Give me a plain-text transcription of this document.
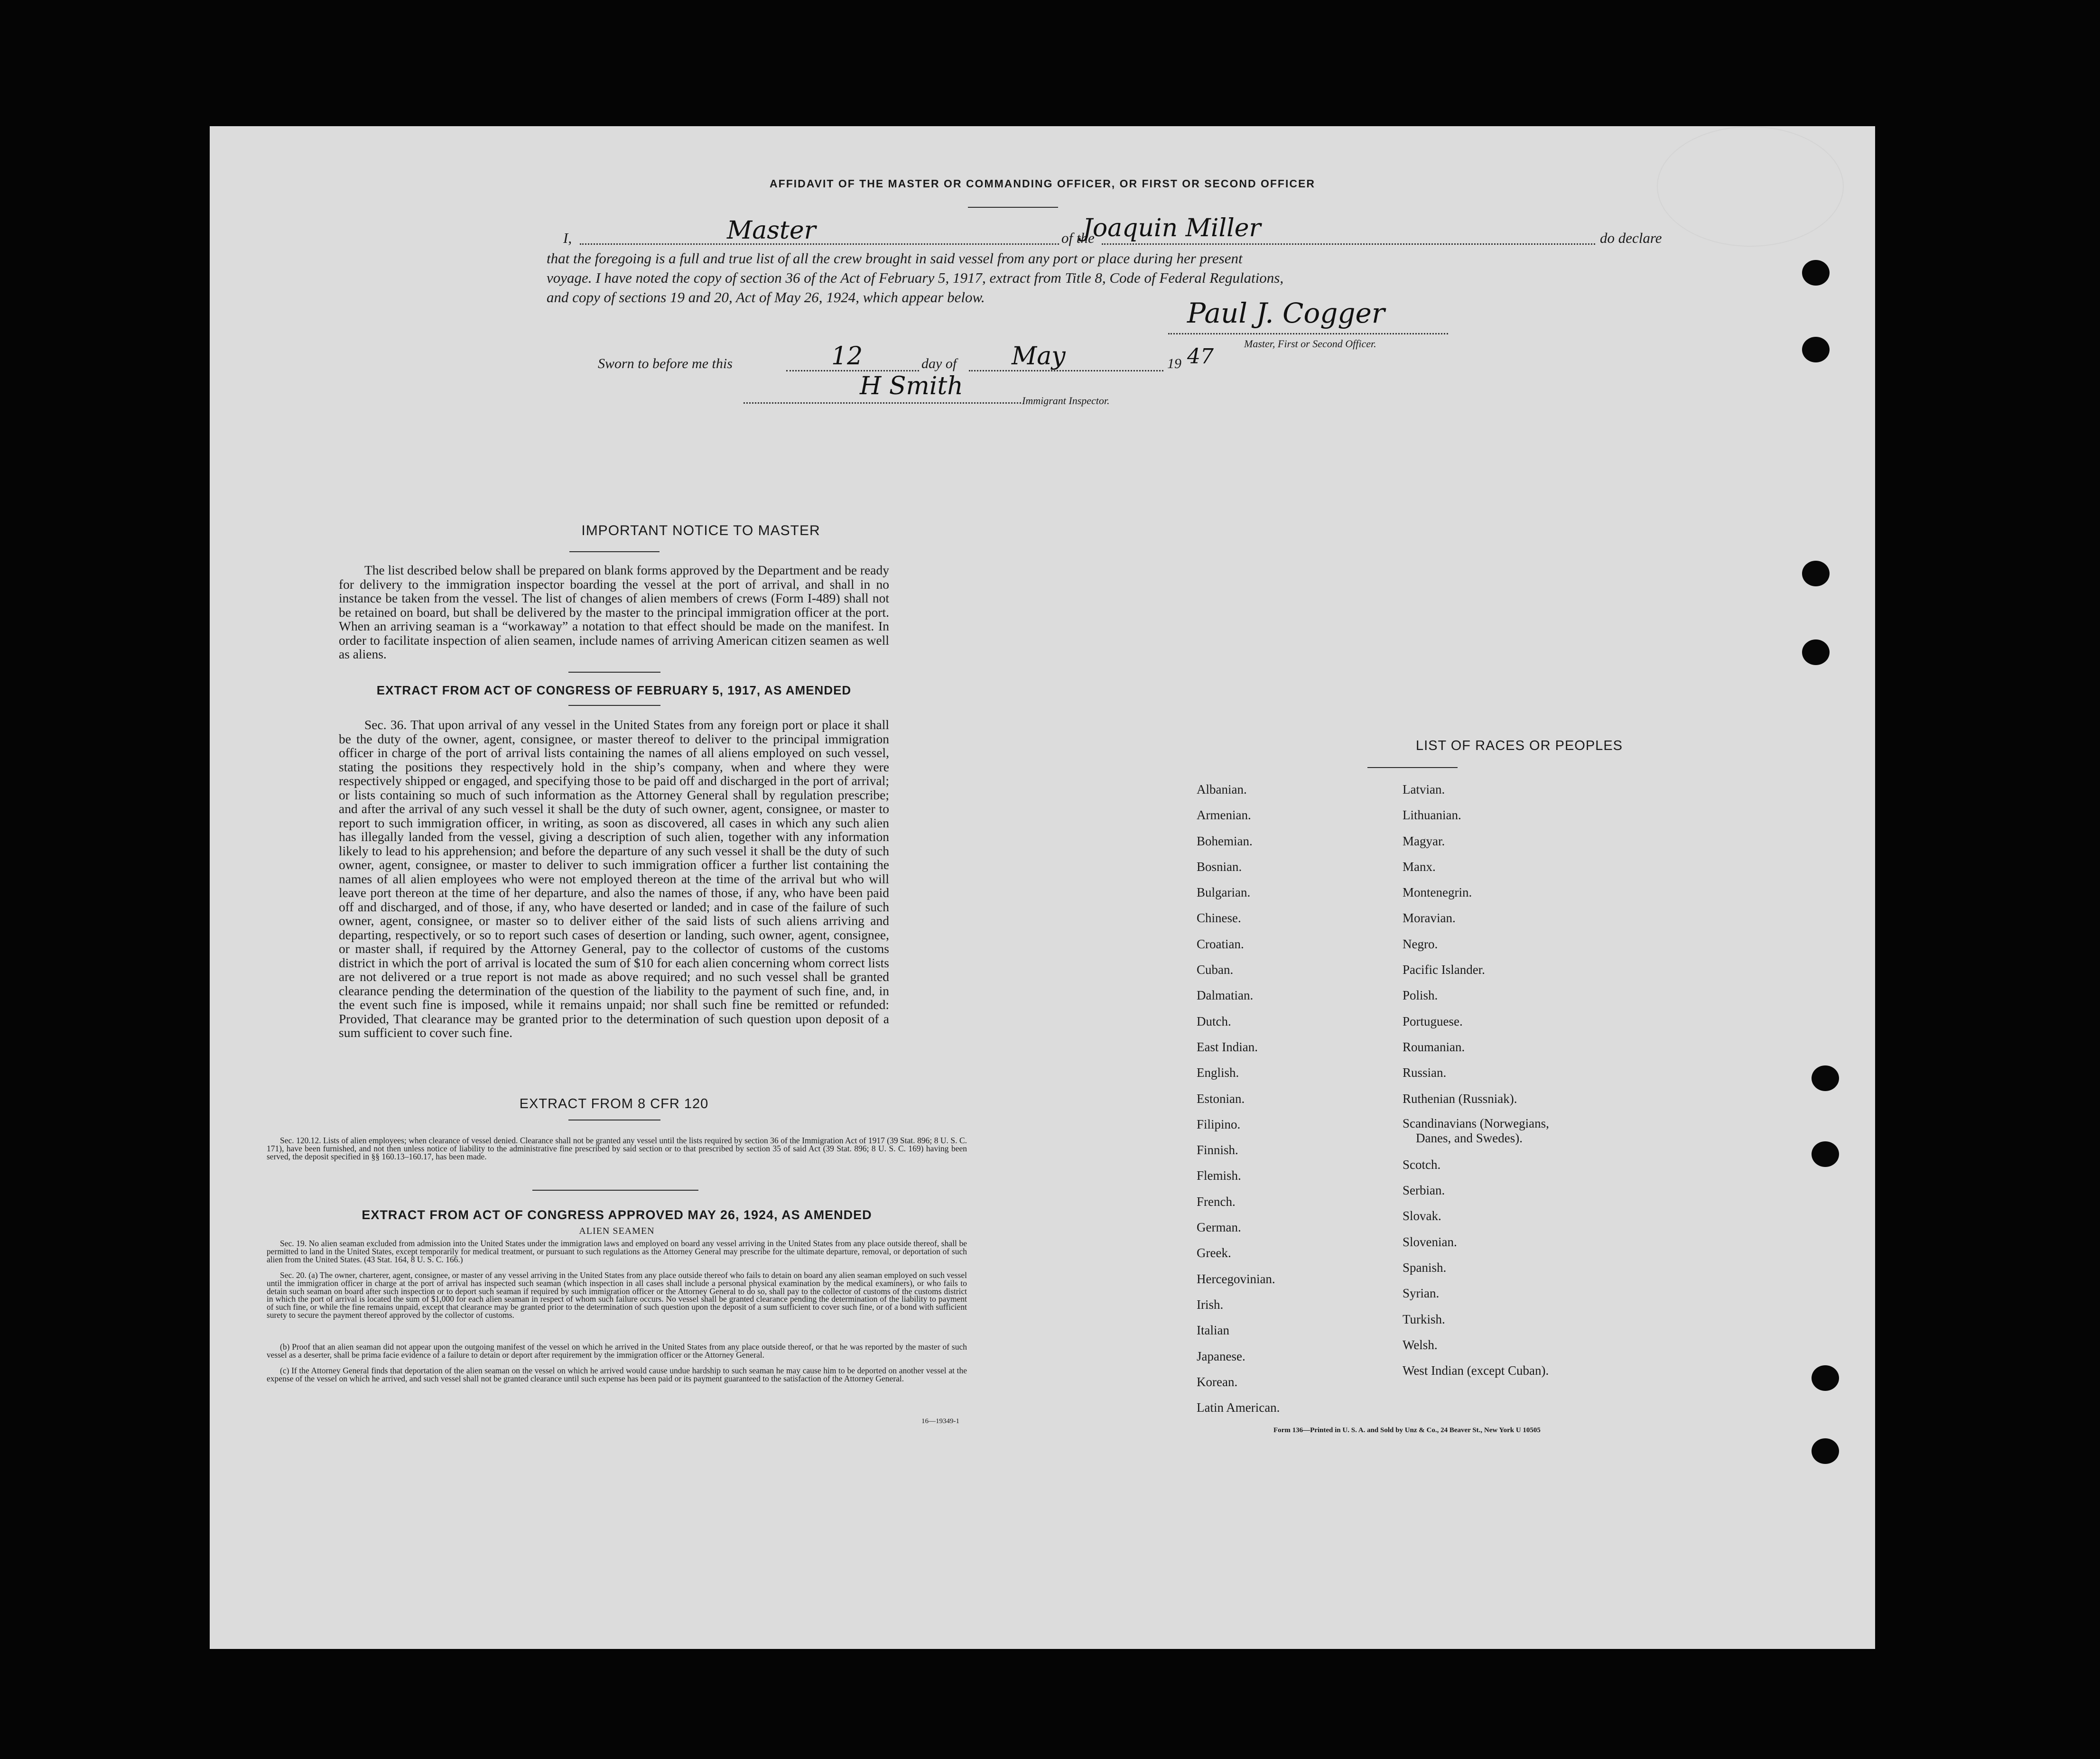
AFFIDAVIT OF THE MASTER OR COMMANDING OFFICER, OR FIRST OR SECOND OFFICER
I,	Master	of the
Joaquin Miller	do declare
that the foregoing is a full and true list of all the crew brought in said vessel from any port or place during her present
voyage. I have noted the copy of section 36 of the Act of February 5, 1917, extract from Title 8, Code of Federal Regulations,
and copy of sections 19 and 20, Act of May 26, 1924, which appear below.	Paul J. Cogger
Master, First or Second Officer.
Sworn to before me this	12	day of May	19 47
H Smith
Immigrant Inspector.
IMPORTANT NOTICE TO MASTER
The list described below shall be prepared on blank forms approved by the Department and be ready for delivery to the immigration inspector boarding the vessel at the port of arrival, and shall in no instance be taken from the vessel. The list of changes of alien members of crews (Form I-489) shall not be retained on board, but shall be delivered by the master to the principal immigration officer at the port. When an arriving seaman is a “workaway” a notation to that effect should be made on the manifest. In order to facilitate inspection of alien seamen, include names of arriving American citizen seamen as well as aliens.
EXTRACT FROM ACT OF CONGRESS OF FEBRUARY 5, 1917, AS AMENDED
Sec. 36. That upon arrival of any vessel in the United States from any foreign port or place it shall be the duty of the owner, agent, consignee, or master thereof to deliver to the principal immigration officer in charge of the port of arrival lists containing the names of all aliens employed on such vessel, stating the positions they respectively hold in the ship’s company, when and where they were respectively shipped or engaged, and specifying those to be paid off and discharged in the port of arrival; or lists containing so much of such information as the Attorney General shall by regulation prescribe; and after the arrival of any such vessel it shall be the duty of such owner, agent, consignee, or master to report to such immigration officer, in writing, as soon as discovered, all cases in which any such alien has illegally landed from the vessel, giving a description of such alien, together with any information likely to lead to his apprehension; and before the departure of any such vessel it shall be the duty of such owner, agent, consignee, or master to deliver to such immigration officer a further list containing the names of all alien employees who were not employed thereon at the time of the arrival but who will leave port thereon at the time of her departure, and also the names of those, if any, who have been paid off and discharged, and of those, if any, who have deserted or landed; and in case of the failure of such owner, agent, consignee, or master so to deliver either of the said lists of such aliens arriving and departing, respectively, or so to report such cases of desertion or landing, such owner, agent, consignee, or master shall, if required by the Attorney General, pay to the collector of customs of the customs district in which the port of arrival is located the sum of $10 for each alien concerning whom correct lists are not delivered or a true report is not made as above required; and no such vessel shall be granted clearance pending the determination of the question of the liability to the payment of such fine, and, in the event such fine is imposed, while it remains unpaid; nor shall such fine be remitted or refunded: Provided, That clearance may be granted prior to the determination of such question upon deposit of a sum sufficient to cover such fine.
EXTRACT FROM 8 CFR 120
Sec. 120.12. Lists of alien employees; when clearance of vessel denied. Clearance shall not be granted any vessel until the lists required by section 36 of the Immigration Act of 1917 (39 Stat. 896; 8 U. S. C. 171), have been furnished, and not then unless notice of liability to the administrative fine prescribed by said section or to that prescribed by section 35 of said Act (39 Stat. 896; 8 U. S. C. 169) having been served, the deposit specified in §§ 160.13–160.17, has been made.
EXTRACT FROM ACT OF CONGRESS APPROVED MAY 26, 1924, AS AMENDED
ALIEN SEAMEN
Sec. 19. No alien seaman excluded from admission into the United States under the immigration laws and employed on board any vessel arriving in the United States from any place outside thereof, shall be permitted to land in the United States, except temporarily for medical treatment, or pursuant to such regulations as the Attorney General may prescribe for the ultimate departure, removal, or deportation of such alien from the United States. (43 Stat. 164, 8 U. S. C. 166.)
Sec. 20. (a) The owner, charterer, agent, consignee, or master of any vessel arriving in the United States from any place outside thereof who fails to detain on board any alien seaman employed on such vessel until the immigration officer in charge at the port of arrival has inspected such seaman (which inspection in all cases shall include a personal physical examination by the medical examiners), or who fails to detain such seaman on board after such inspection or to deport such seaman if required by such immigration officer or the Attorney General to do so, shall pay to the collector of customs of the customs district in which the port of arrival is located the sum of $1,000 for each alien seaman in respect of whom such failure occurs. No vessel shall be granted clearance pending the determination of the liability to payment of such fine, or while the fine remains unpaid, except that clearance may be granted prior to the determination of such question upon the deposit of a sum sufficient to cover such fine, or of a bond with sufficient surety to secure the payment thereof approved by the collector of customs.
(b) Proof that an alien seaman did not appear upon the outgoing manifest of the vessel on which he arrived in the United States from any place outside thereof, or that he was reported by the master of such vessel as a deserter, shall be prima facie evidence of a failure to detain or deport after requirement by the immigration officer or the Attorney General.
(c) If the Attorney General finds that deportation of the alien seaman on the vessel on which he arrived would cause undue hardship to such seaman he may cause him to be deported on another vessel at the expense of the vessel on which he arrived, and such vessel shall not be granted clearance until such expense has been paid or its payment guaranteed to the satisfaction of the Attorney General.
16—19349-1
LIST OF RACES OR PEOPLES
Albanian.
Armenian.
Bohemian.
Bosnian.
Bulgarian.
Chinese.
Croatian.
Cuban.
Dalmatian.
Dutch.
East Indian.
English.
Estonian.
Filipino.
Finnish.
Flemish.
French.
German.
Greek.
Hercegovinian.
Irish.
Italian
Japanese.
Korean.
Latin American.
Latvian.
Lithuanian.
Magyar.
Manx.
Montenegrin.
Moravian.
Negro.
Pacific Islander.
Polish.
Portuguese.
Roumanian.
Russian.
Ruthenian (Russniak).
Scandinavians (Norwegians,
Danes, and Swedes).
Scotch.
Serbian.
Slovak.
Slovenian.
Spanish.
Syrian.
Turkish.
Welsh.
West Indian (except Cuban).
Form 136—Printed in U. S. A. and Sold by Unz & Co., 24 Beaver St., New York U 10505
